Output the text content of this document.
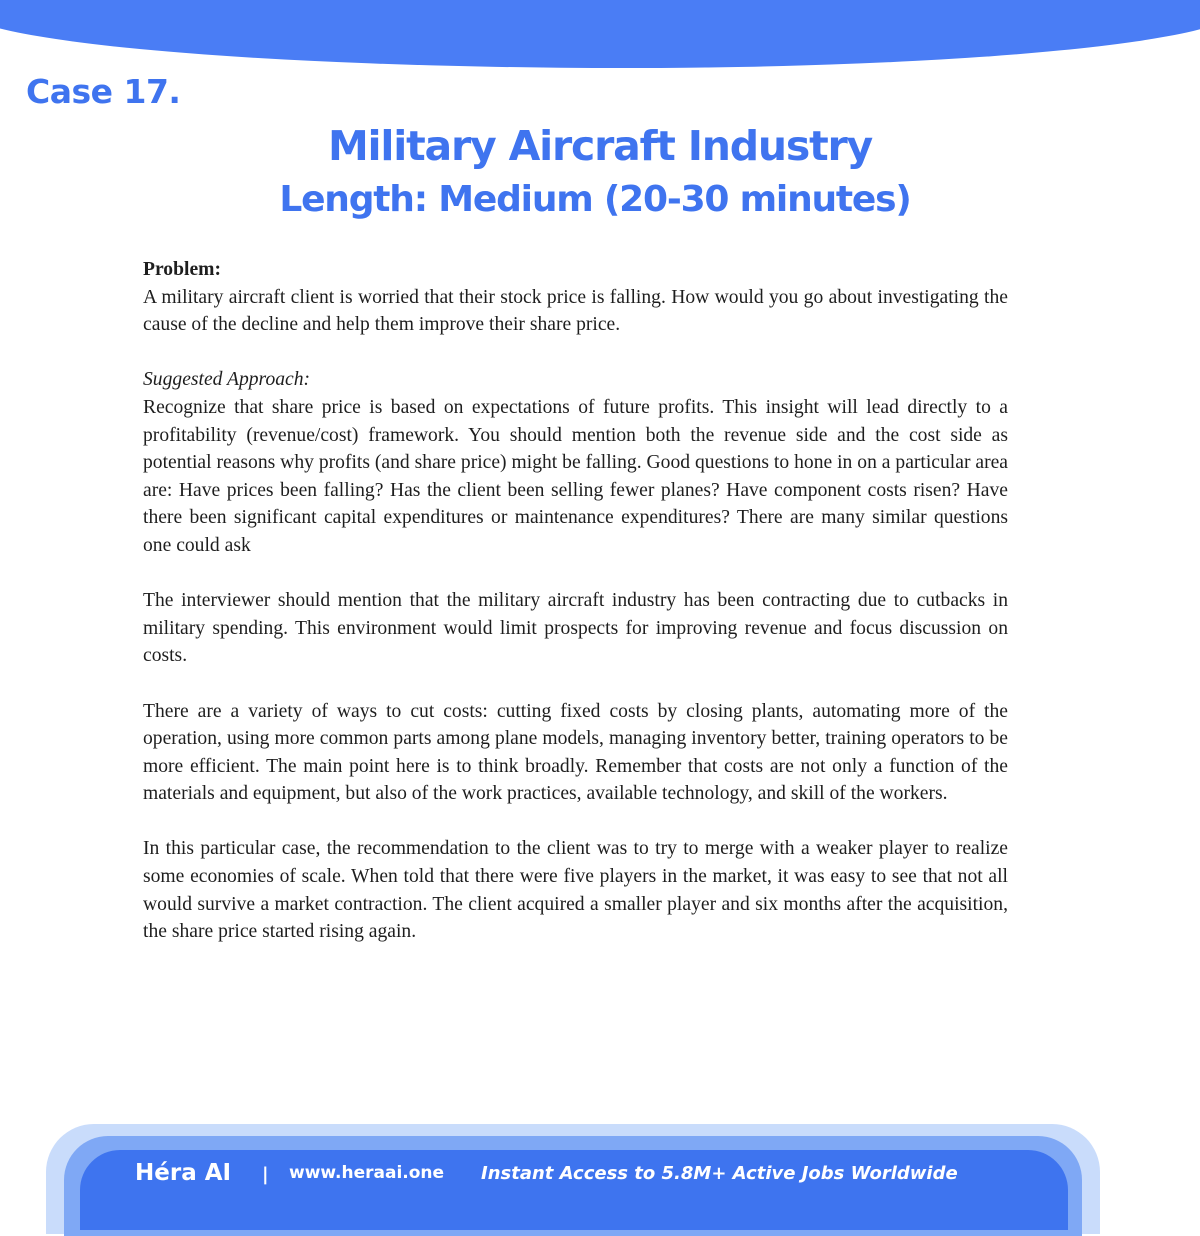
Case 17.
Military Aircraft Industry
Length: Medium (20-30 minutes)

Problem:

A military aircraft client is worried that their stock price is falling. How would you go about investigating the cause of the decline and help them improve their share price.

Suggested Approach:

Recognize that share price is based on expectations of future profits. This insight will lead directly to a profitability (revenue/cost) framework. You should mention both the revenue side and the cost side as potential reasons why profits (and share price) might be falling. Good questions to hone in on a particular area are: Have prices been falling? Has the client been selling fewer planes? Have component costs risen? Have there been significant capital expenditures or maintenance expenditures? There are many similar questions one could ask

The interviewer should mention that the military aircraft industry has been contracting due to cutbacks in military spending. This environment would limit prospects for improving revenue and focus discussion on costs.

There are a variety of ways to cut costs: cutting fixed costs by closing plants, automating more of the operation, using more common parts among plane models, managing inventory better, training operators to be more efficient. The main point here is to think broadly. Remember that costs are not only a function of the materials and equipment, but also of the work practices, available technology, and skill of the workers.

In this particular case, the recommendation to the client was to try to merge with a weaker player to realize some economies of scale. When told that there were five players in the market, it was easy to see that not all would survive a market contraction. The client acquired a smaller player and six months after the acquisition, the share price started rising again.

Héra AI | www.heraai.one Instant Access to 5.8M+ Active Jobs Worldwide
